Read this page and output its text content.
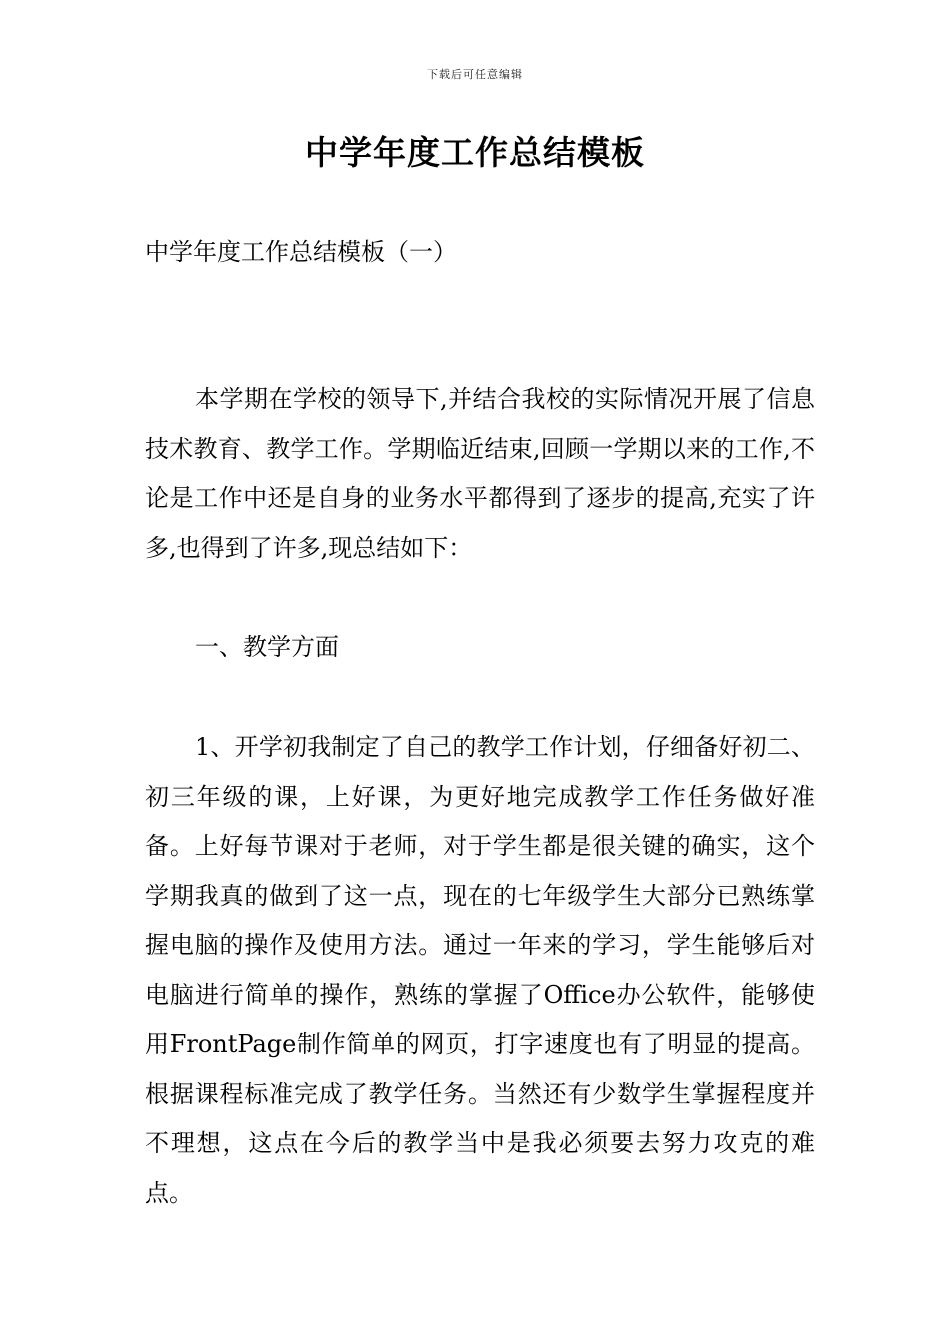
下载后可任意编辑
中学年度工作总结模板

中学年度工作总结模板（一）

本学期在学校的领导下,并结合我校的实际情况开展了信息技术教育、教学工作。学期临近结束,回顾一学期以来的工作,不论是工作中还是自身的业务水平都得到了逐步的提高,充实了许多,也得到了许多,现总结如下：

一、教学方面

1、开学初我制定了自己的教学工作计划，仔细备好初二、初三年级的课，上好课，为更好地完成教学工作任务做好准备。上好每节课对于老师，对于学生都是很关键的确实，这个学期我真的做到了这一点，现在的七年级学生大部分已熟练掌握电脑的操作及使用方法。通过一年来的学习，学生能够后对电脑进行简单的操作，熟练的掌握了Office办公软件，能够使用FrontPage制作简单的网页，打字速度也有了明显的提高。根据课程标准完成了教学任务。当然还有少数学生掌握程度并不理想，这点在今后的教学当中是我必须要去努力攻克的难点。
